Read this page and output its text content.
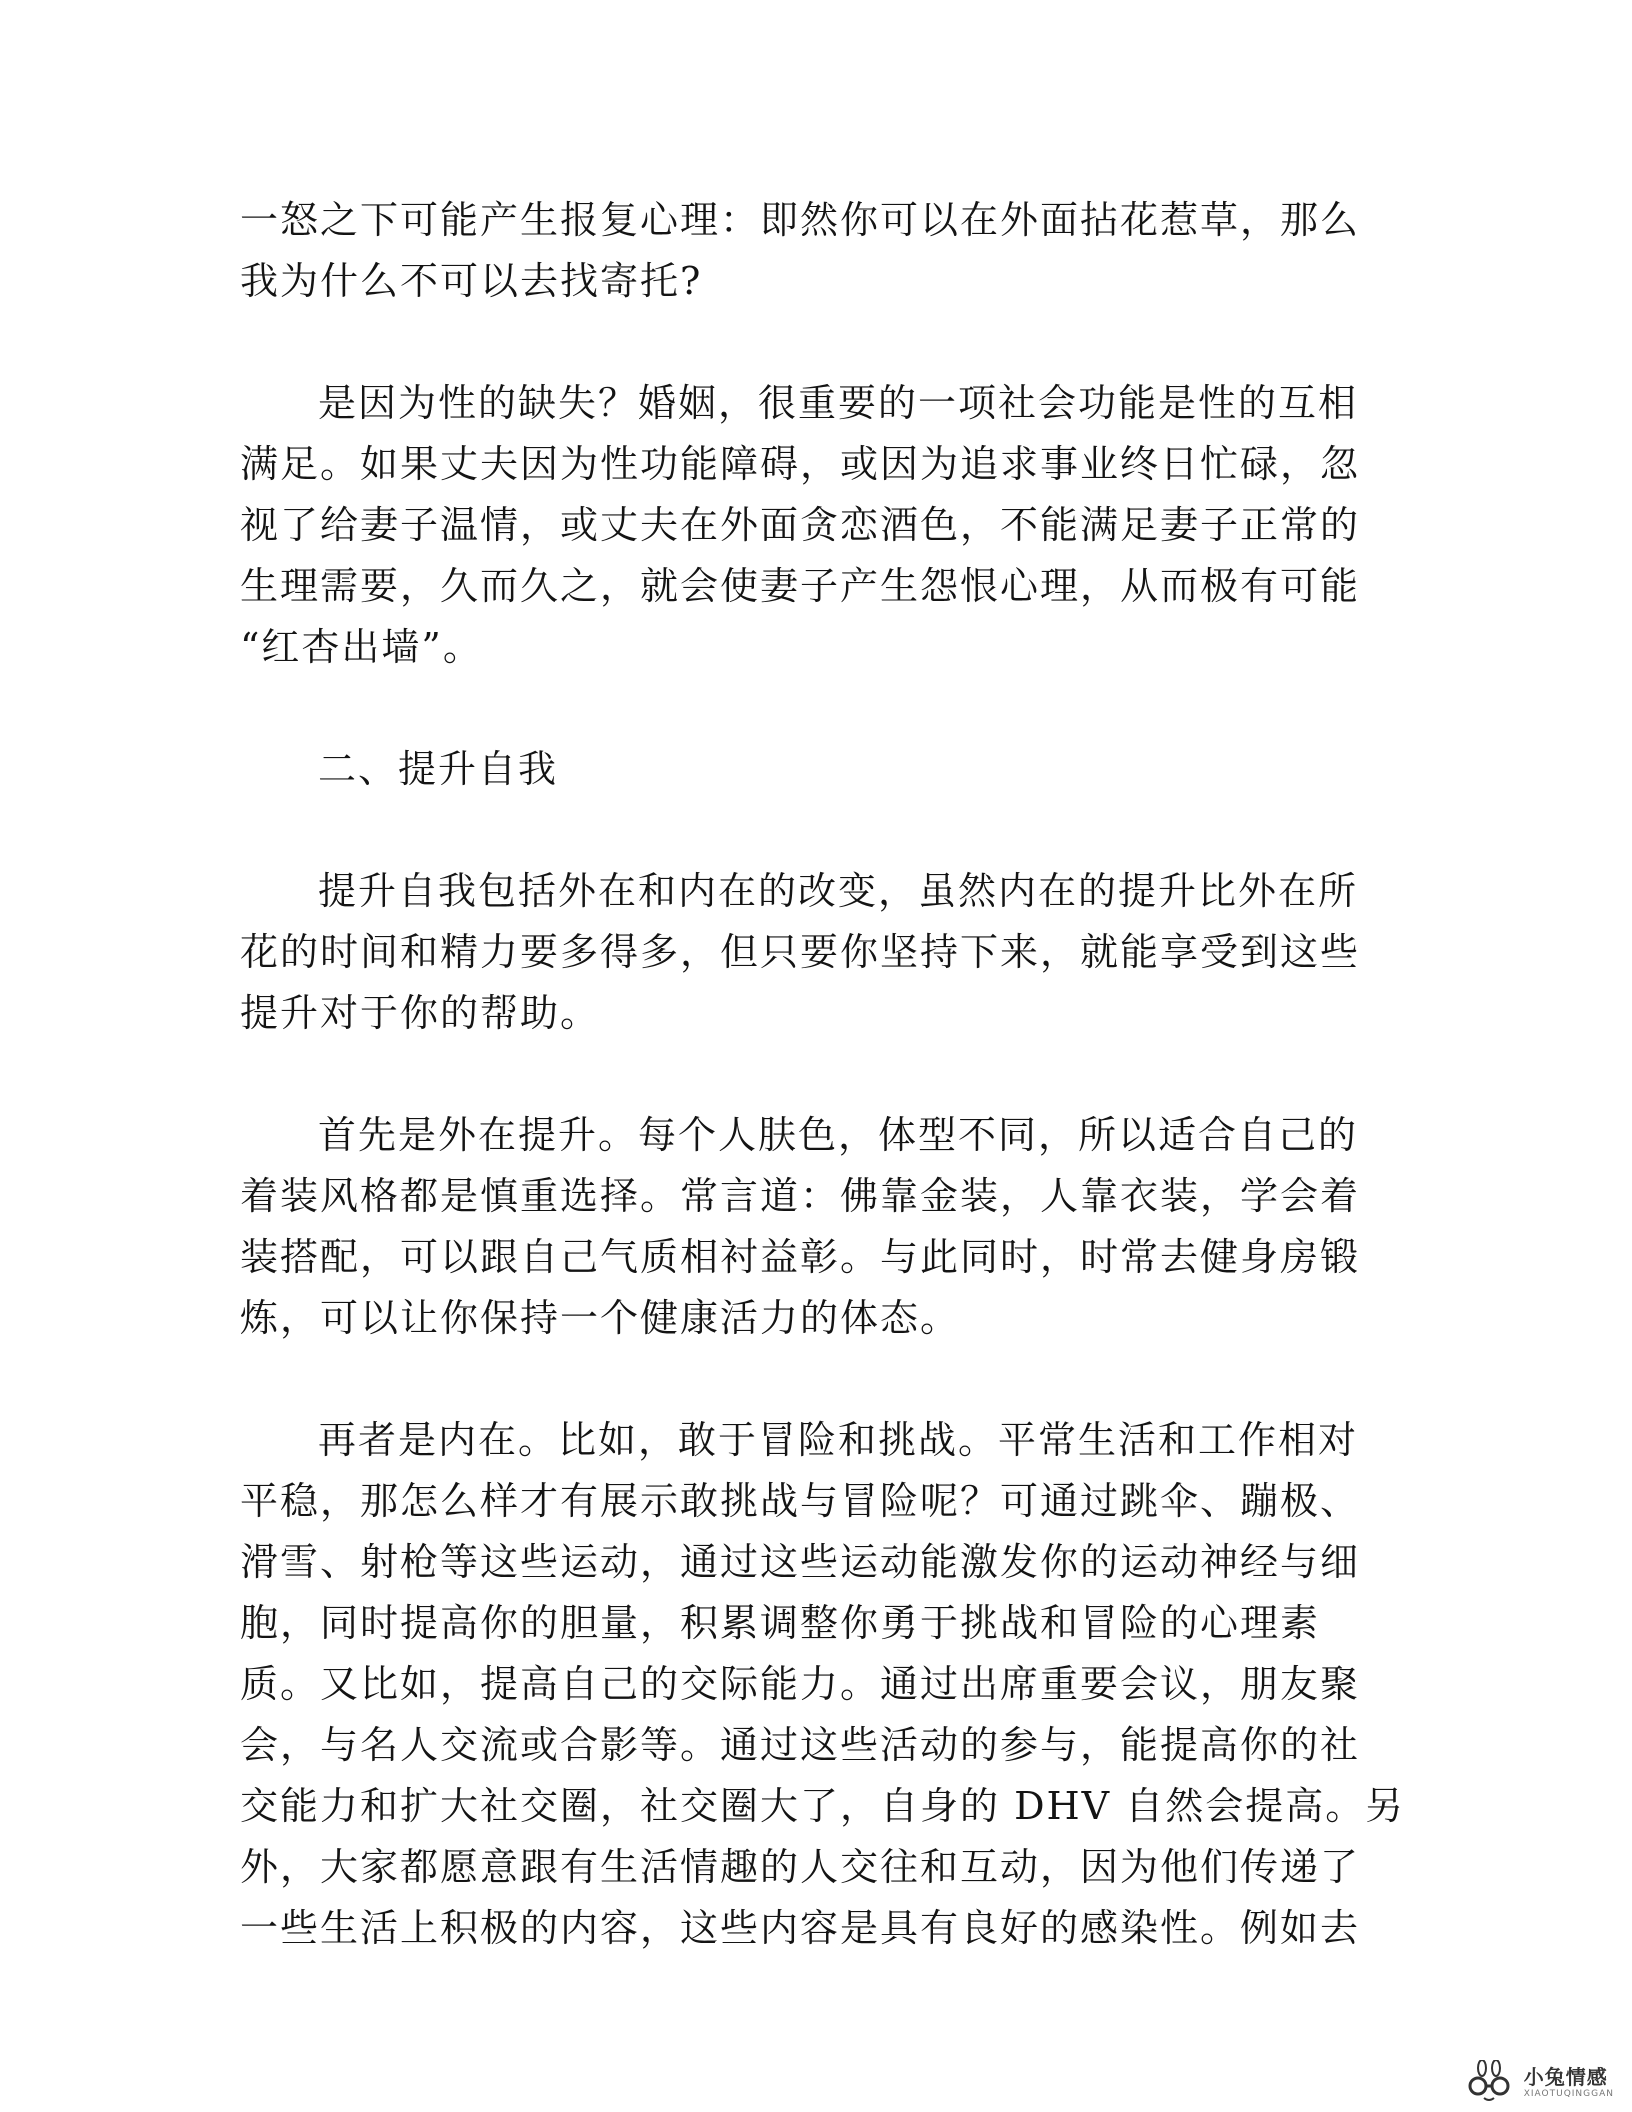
一怒之下可能产生报复心理：即然你可以在外面拈花惹草，那么
我为什么不可以去找寄托?

是因为性的缺失？婚姻，很重要的一项社会功能是性的互相
满足。如果丈夫因为性功能障碍，或因为追求事业终日忙碌，忽
视了给妻子温情，或丈夫在外面贪恋酒色，不能满足妻子正常的
生理需要，久而久之，就会使妻子产生怨恨心理，从而极有可能
“红杏出墙”。

二、提升自我

提升自我包括外在和内在的改变，虽然内在的提升比外在所
花的时间和精力要多得多，但只要你坚持下来，就能享受到这些
提升对于你的帮助。

首先是外在提升。每个人肤色，体型不同，所以适合自己的
着装风格都是慎重选择。常言道：佛靠金装，人靠衣装，学会着
装搭配，可以跟自己气质相衬益彰。与此同时，时常去健身房锻
炼，可以让你保持一个健康活力的体态。

再者是内在。比如，敢于冒险和挑战。平常生活和工作相对
平稳，那怎么样才有展示敢挑战与冒险呢？可通过跳伞、蹦极、
滑雪、射枪等这些运动，通过这些运动能激发你的运动神经与细
胞，同时提高你的胆量，积累调整你勇于挑战和冒险的心理素
质。又比如，提高自己的交际能力。通过出席重要会议，朋友聚
会，与名人交流或合影等。通过这些活动的参与，能提高你的社
交能力和扩大社交圈，社交圈大了，自身的 DHV 自然会提高。另
外，大家都愿意跟有生活情趣的人交往和互动，因为他们传递了
一些生活上积极的内容，这些内容是具有良好的感染性。例如去

小兔情感
XIAOTUQINGGAN
